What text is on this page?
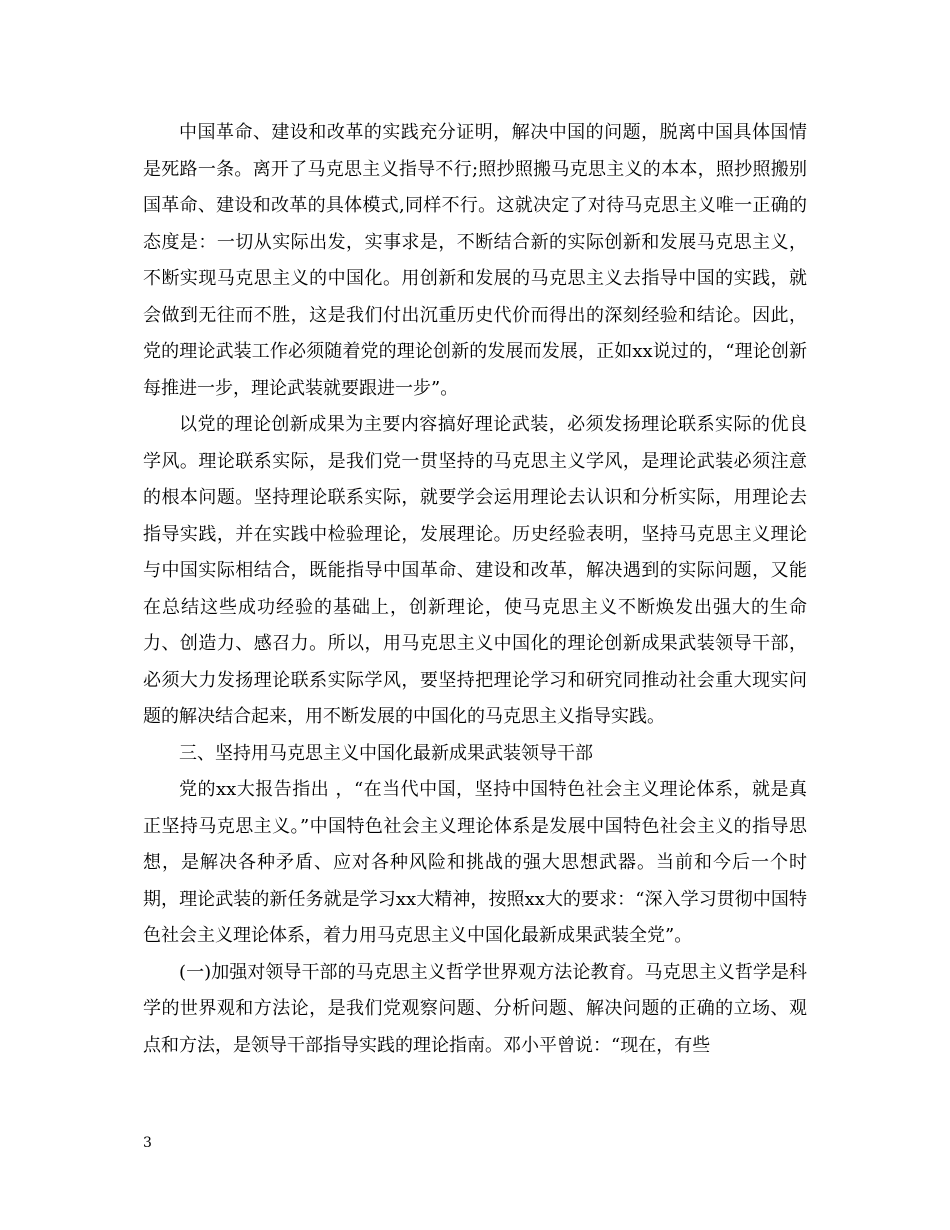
中国革命、建设和改革的实践充分证明，解决中国的问题，脱离中国具体国情是死路一条。离开了马克思主义指导不行;照抄照搬马克思主义的本本，照抄照搬别国革命、建设和改革的具体模式,同样不行。这就决定了对待马克思主义唯一正确的态度是：一切从实际出发，实事求是，不断结合新的实际创新和发展马克思主义，不断实现马克思主义的中国化。用创新和发展的马克思主义去指导中国的实践，就会做到无往而不胜，这是我们付出沉重历史代价而得出的深刻经验和结论。因此，党的理论武装工作必须随着党的理论创新的发展而发展，正如xx说过的，“理论创新每推进一步，理论武装就要跟进一步”。

以党的理论创新成果为主要内容搞好理论武装，必须发扬理论联系实际的优良学风。理论联系实际，是我们党一贯坚持的马克思主义学风，是理论武装必须注意的根本问题。坚持理论联系实际，就要学会运用理论去认识和分析实际，用理论去指导实践，并在实践中检验理论，发展理论。历史经验表明，坚持马克思主义理论与中国实际相结合，既能指导中国革命、建设和改革，解决遇到的实际问题，又能在总结这些成功经验的基础上，创新理论，使马克思主义不断焕发出强大的生命力、创造力、感召力。所以，用马克思主义中国化的理论创新成果武装领导干部，必须大力发扬理论联系实际学风，要坚持把理论学习和研究同推动社会重大现实问题的解决结合起来，用不断发展的中国化的马克思主义指导实践。

三、坚持用马克思主义中国化最新成果武装领导干部

党的xx大报告指出 ，“在当代中国，坚持中国特色社会主义理论体系，就是真正坚持马克思主义。”中国特色社会主义理论体系是发展中国特色社会主义的指导思想，是解决各种矛盾、应对各种风险和挑战的强大思想武器。当前和今后一个时期，理论武装的新任务就是学习xx大精神，按照xx大的要求：“深入学习贯彻中国特色社会主义理论体系，着力用马克思主义中国化最新成果武装全党”。

(一)加强对领导干部的马克思主义哲学世界观方法论教育。马克思主义哲学是科学的世界观和方法论，是我们党观察问题、分析问题、解决问题的正确的立场、观点和方法，是领导干部指导实践的理论指南。邓小平曾说：“现在，有些

3
